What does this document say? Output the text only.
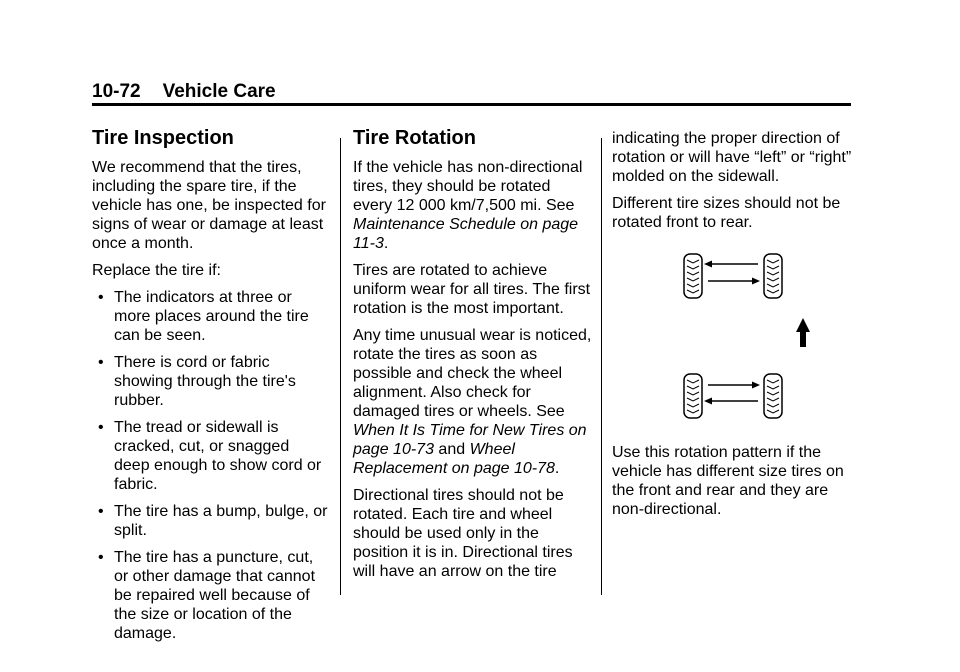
10-72 Vehicle Care
Tire Inspection

We recommend that the tires, including the spare tire, if the vehicle has one, be inspected for signs of wear or damage at least once a month.

Replace the tire if:

• The indicators at three or more places around the tire can be seen.
• There is cord or fabric showing through the tire's rubber.
• The tread or sidewall is cracked, cut, or snagged deep enough to show cord or fabric.
• The tire has a bump, bulge, or split.
• The tire has a puncture, cut, or other damage that cannot be repaired well because of the size or location of the damage.
Tire Rotation

If the vehicle has non-directional tires, they should be rotated every 12 000 km/7,500 mi. See Maintenance Schedule on page 11-3.

Tires are rotated to achieve uniform wear for all tires. The first rotation is the most important.

Any time unusual wear is noticed, rotate the tires as soon as possible and check the wheel alignment. Also check for damaged tires or wheels. See When It Is Time for New Tires on page 10-73 and Wheel Replacement on page 10-78.

Directional tires should not be rotated. Each tire and wheel should be used only in the position it is in. Directional tires will have an arrow on the tire

indicating the proper direction of rotation or will have “left” or “right” molded on the sidewall.

Different tire sizes should not be rotated front to rear.

Use this rotation pattern if the vehicle has different size tires on the front and rear and they are non-directional.
